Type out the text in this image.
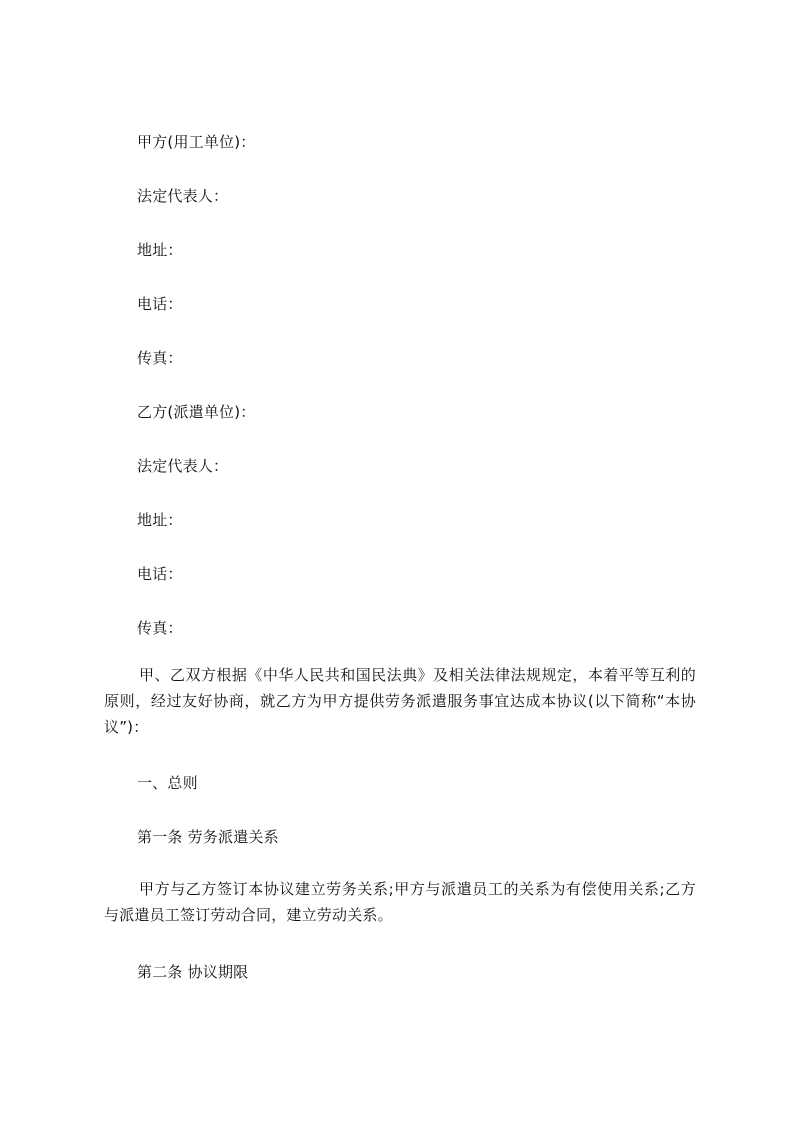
甲方(用工单位)：
法定代表人：
地址：
电话：
传真：
乙方(派遣单位)：
法定代表人：
地址：
电话：
传真：
甲、乙双方根据《中华人民共和国民法典》及相关法律法规规定，本着平等互利的原则，经过友好协商，就乙方为甲方提供劳务派遣服务事宜达成本协议(以下简称“本协议”)：
一、总则
第一条 劳务派遣关系
甲方与乙方签订本协议建立劳务关系;甲方与派遣员工的关系为有偿使用关系;乙方与派遣员工签订劳动合同，建立劳动关系。
第二条 协议期限
